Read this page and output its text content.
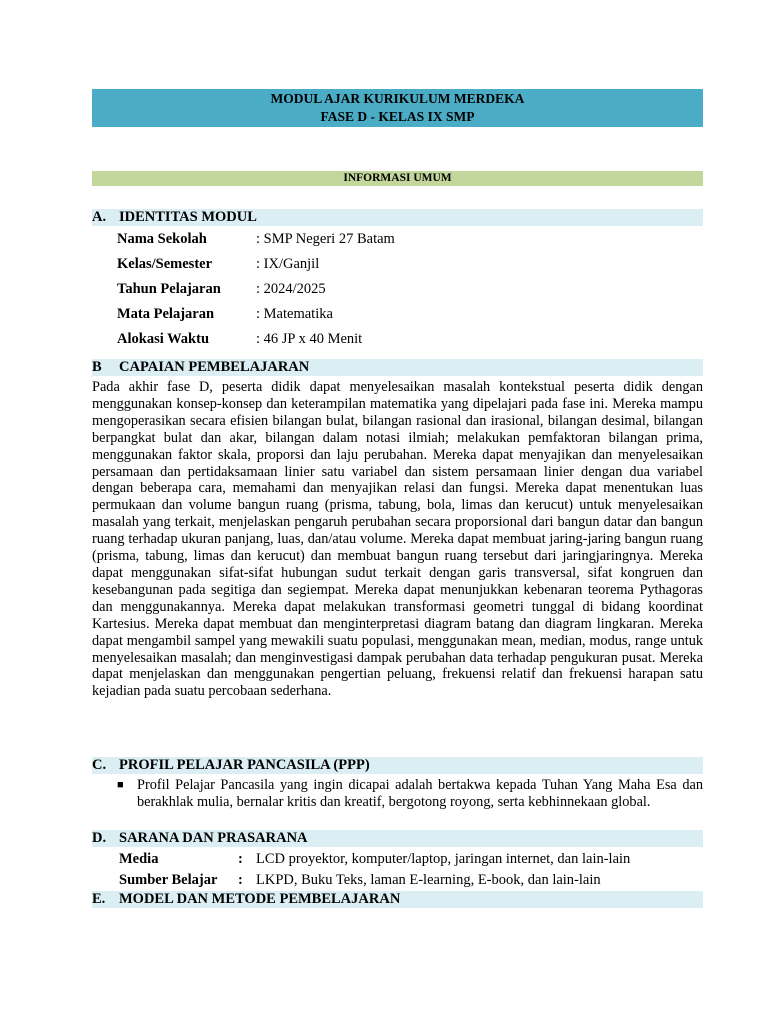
MODUL AJAR KURIKULUM MERDEKA
FASE D - KELAS IX SMP
INFORMASI UMUM
A. IDENTITAS MODUL
Nama Sekolah	: SMP Negeri 27 Batam
Kelas/Semester	: IX/Ganjil
Tahun Pelajaran : 2024/2025
Mata Pelajaran	: Matematika
Alokasi Waktu	: 46 JP x 40 Menit
B CAPAIAN PEMBELAJARAN
Pada akhir fase D, peserta didik dapat menyelesaikan masalah kontekstual peserta didik dengan menggunakan konsep-konsep dan keterampilan matematika yang dipelajari pada fase ini. Mereka mampu mengoperasikan secara efisien bilangan bulat, bilangan rasional dan irasional, bilangan desimal, bilangan berpangkat bulat dan akar, bilangan dalam notasi ilmiah; melakukan pemfaktoran bilangan prima, menggunakan faktor skala, proporsi dan laju perubahan. Mereka dapat menyajikan dan menyelesaikan persamaan dan pertidaksamaan linier satu variabel dan sistem persamaan linier dengan dua variabel dengan beberapa cara, memahami dan menyajikan relasi dan fungsi. Mereka dapat menentukan luas permukaan dan volume bangun ruang (prisma, tabung, bola, limas dan kerucut) untuk menyelesaikan masalah yang terkait, menjelaskan pengaruh perubahan secara proporsional dari bangun datar dan bangun ruang terhadap ukuran panjang, luas, dan/atau volume. Mereka dapat membuat jaring-jaring bangun ruang (prisma, tabung, limas dan kerucut) dan membuat bangun ruang tersebut dari jaringjaringnya. Mereka dapat menggunakan sifat-sifat hubungan sudut terkait dengan garis transversal, sifat kongruen dan kesebangunan pada segitiga dan segiempat. Mereka dapat menunjukkan kebenaran teorema Pythagoras dan menggunakannya. Mereka dapat melakukan transformasi geometri tunggal di bidang koordinat Kartesius. Mereka dapat membuat dan menginterpretasi diagram batang dan diagram lingkaran. Mereka dapat mengambil sampel yang mewakili suatu populasi, menggunakan mean, median, modus, range untuk menyelesaikan masalah; dan menginvestigasi dampak perubahan data terhadap pengukuran pusat. Mereka dapat menjelaskan dan menggunakan pengertian peluang, frekuensi relatif dan frekuensi harapan satu kejadian pada suatu percobaan sederhana.
C. PROFIL PELAJAR PANCASILA (PPP)
■ Profil Pelajar Pancasila yang ingin dicapai adalah bertakwa kepada Tuhan Yang Maha Esa dan berakhlak mulia, bernalar kritis dan kreatif, bergotong royong, serta kebhinnekaan global.
D. SARANA DAN PRASARANA
Media	: LCD proyektor, komputer/laptop, jaringan internet, dan lain-lain
Sumber Belajar : LKPD, Buku Teks, laman E-learning, E-book, dan lain-lain
E. MODEL DAN METODE PEMBELAJARAN
